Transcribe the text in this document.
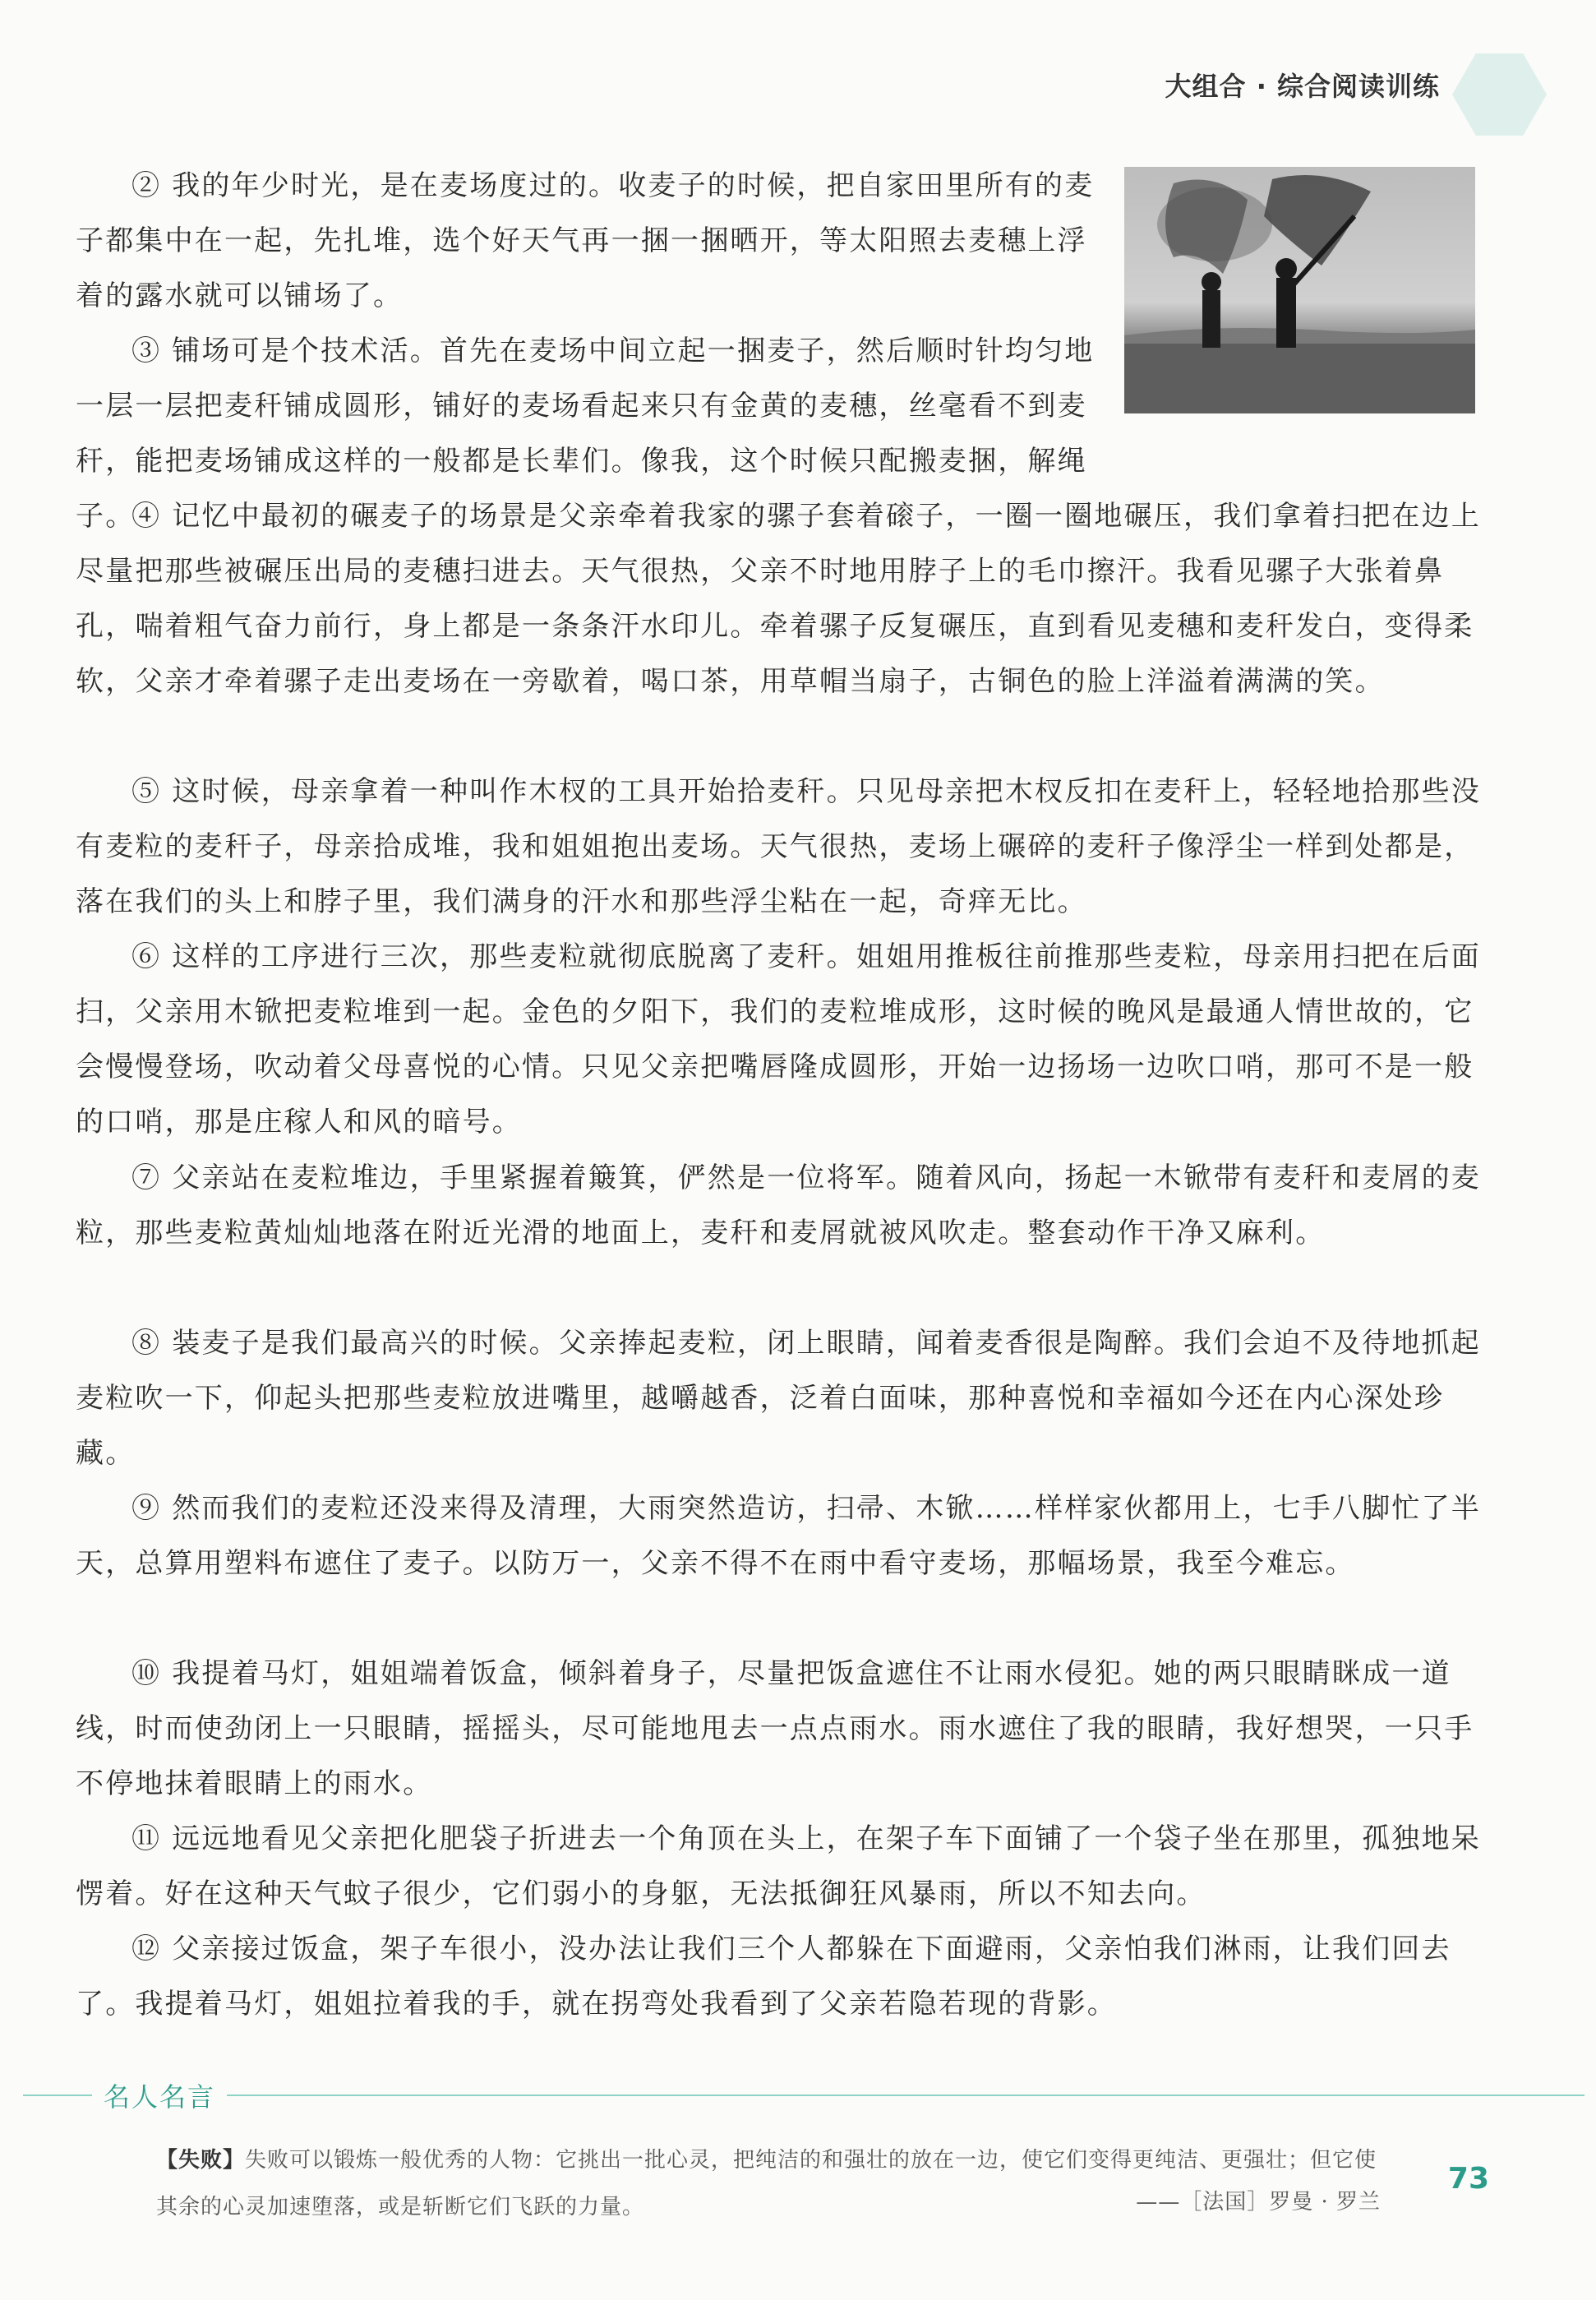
大组合 · 综合阅读训练

② 我的年少时光，是在麦场度过的。收麦子的时候，把自家田里所有的麦子都集中在一起，先扎堆，选个好天气再一捆一捆晒开，等太阳照去麦穗上浮着的露水就可以铺场了。

③ 铺场可是个技术活。首先在麦场中间立起一捆麦子，然后顺时针均匀地一层一层把麦秆铺成圆形，铺好的麦场看起来只有金黄的麦穗，丝毫看不到麦秆，能把麦场铺成这样的一般都是长辈们。像我，这个时候只配搬麦捆，解绳子。

④ 记忆中最初的碾麦子的场景是父亲牵着我家的骡子套着磙子，一圈一圈地碾压，我们拿着扫把在边上尽量把那些被碾压出局的麦穗扫进去。天气很热，父亲不时地用脖子上的毛巾擦汗。我看见骡子大张着鼻孔，喘着粗气奋力前行，身上都是一条条汗水印儿。牵着骡子反复碾压，直到看见麦穗和麦秆发白，变得柔软，父亲才牵着骡子走出麦场在一旁歇着，喝口茶，用草帽当扇子，古铜色的脸上洋溢着满满的笑。

⑤ 这时候，母亲拿着一种叫作木杈的工具开始拾麦秆。只见母亲把木杈反扣在麦秆上，轻轻地拾那些没有麦粒的麦秆子，母亲拾成堆，我和姐姐抱出麦场。天气很热，麦场上碾碎的麦秆子像浮尘一样到处都是，落在我们的头上和脖子里，我们满身的汗水和那些浮尘粘在一起，奇痒无比。

⑥ 这样的工序进行三次，那些麦粒就彻底脱离了麦秆。姐姐用推板往前推那些麦粒，母亲用扫把在后面扫，父亲用木锨把麦粒堆到一起。金色的夕阳下，我们的麦粒堆成形，这时候的晚风是最通人情世故的，它会慢慢登场，吹动着父母喜悦的心情。只见父亲把嘴唇隆成圆形，开始一边扬场一边吹口哨，那可不是一般的口哨，那是庄稼人和风的暗号。

⑦ 父亲站在麦粒堆边，手里紧握着簸箕，俨然是一位将军。随着风向，扬起一木锨带有麦秆和麦屑的麦粒，那些麦粒黄灿灿地落在附近光滑的地面上，麦秆和麦屑就被风吹走。整套动作干净又麻利。

⑧ 装麦子是我们最高兴的时候。父亲捧起麦粒，闭上眼睛，闻着麦香很是陶醉。我们会迫不及待地抓起麦粒吹一下，仰起头把那些麦粒放进嘴里，越嚼越香，泛着白面味，那种喜悦和幸福如今还在内心深处珍藏。

⑨ 然而我们的麦粒还没来得及清理，大雨突然造访，扫帚、木锨……样样家伙都用上，七手八脚忙了半天，总算用塑料布遮住了麦子。以防万一，父亲不得不在雨中看守麦场，那幅场景，我至今难忘。

⑩ 我提着马灯，姐姐端着饭盒，倾斜着身子，尽量把饭盒遮住不让雨水侵犯。她的两只眼睛眯成一道线，时而使劲闭上一只眼睛，摇摇头，尽可能地甩去一点点雨水。雨水遮住了我的眼睛，我好想哭，一只手不停地抹着眼睛上的雨水。

⑪ 远远地看见父亲把化肥袋子折进去一个角顶在头上，在架子车下面铺了一个袋子坐在那里，孤独地呆愣着。好在这种天气蚊子很少，它们弱小的身躯，无法抵御狂风暴雨，所以不知去向。

⑫ 父亲接过饭盒，架子车很小，没办法让我们三个人都躲在下面避雨，父亲怕我们淋雨，让我们回去了。我提着马灯，姐姐拉着我的手，就在拐弯处我看到了父亲若隐若现的背影。

名人名言
【失败】失败可以锻炼一般优秀的人物：它挑出一批心灵，把纯洁的和强壮的放在一边，使它们变得更纯洁、更强壮；但它使其余的心灵加速堕落，或是斩断它们飞跃的力量。	——［法国］罗曼 · 罗兰
73
